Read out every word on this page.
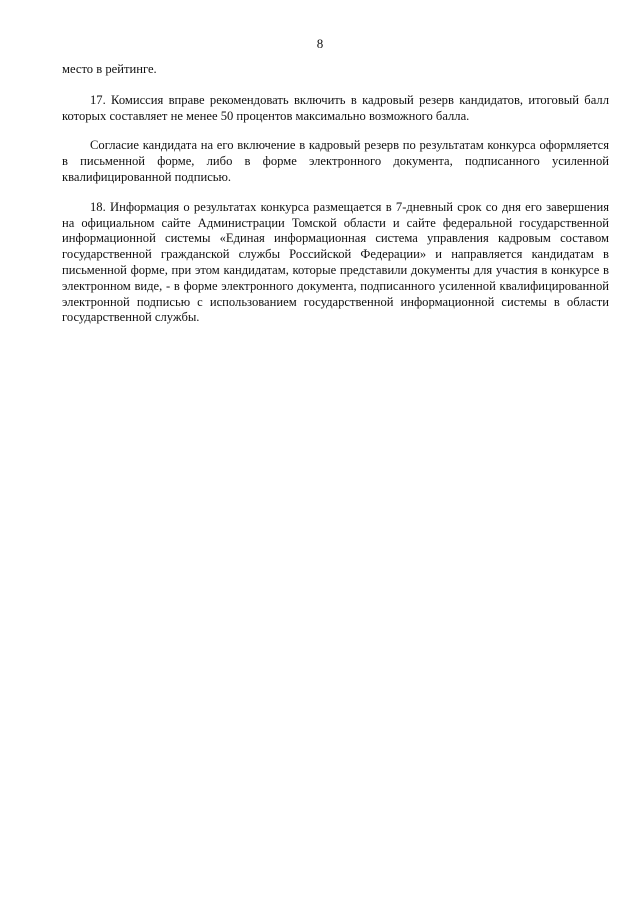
8

место в рейтинге.

17. Комиссия вправе рекомендовать включить в кадровый резерв кандидатов, итоговый балл которых составляет не менее 50 процентов максимально возможного балла.

Согласие кандидата на его включение в кадровый резерв по результатам конкурса оформляется в письменной форме, либо в форме электронного документа, подписанного усиленной квалифицированной подписью.

18. Информация о результатах конкурса размещается в 7-дневный срок со дня его завершения на официальном сайте Администрации Томской области и сайте федеральной государственной информационной системы «Единая информационная система управления кадровым составом государственной гражданской службы Российской Федерации» и направляется кандидатам в письменной форме, при этом кандидатам, которые представили документы для участия в конкурсе в электронном виде, - в форме электронного документа, подписанного усиленной квалифицированной электронной подписью с использованием государственной информационной системы в области государственной службы.
